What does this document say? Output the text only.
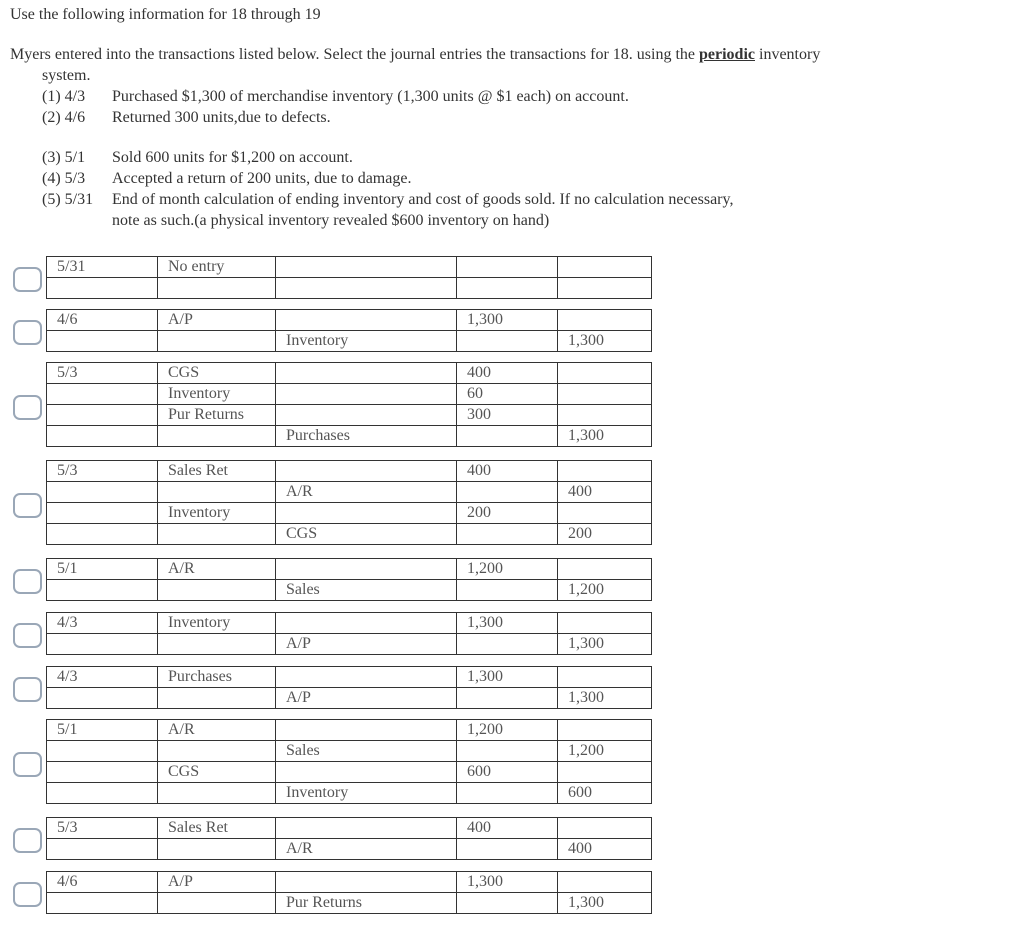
Use the following information for 18 through 19
Myers entered into the transactions listed below. Select the journal entries the transactions for 18. using the periodic inventory
system.
(1) 4/3	Purchased $1,300 of merchandise inventory (1,300 units @ $1 each) on account.
(2) 4/6	Returned 300 units,due to defects.
(3) 5/1	Sold 600 units for $1,200 on account.
(4) 5/3	Accepted a return of 200 units, due to damage.
(5) 5/31	End of month calculation of ending inventory and cost of goods sold. If no calculation necessary,
note as such.(a physical inventory revealed $600 inventory on hand)
5/31	No entry			

4/6	A/P		1,300	
		Inventory		1,300
5/3	CGS		400	
	Inventory		60	
	Pur Returns		300	
		Purchases		1,300
5/3	Sales Ret		400	
		A/R		400
	Inventory		200	
		CGS		200
5/1	A/R		1,200	
		Sales		1,200
4/3	Inventory		1,300	
		A/P		1,300
4/3	Purchases		1,300	
		A/P		1,300
5/1	A/R		1,200	
		Sales		1,200
	CGS		600	
		Inventory		600
5/3	Sales Ret		400	
		A/R		400
4/6	A/P		1,300	
		Pur Returns		1,300
